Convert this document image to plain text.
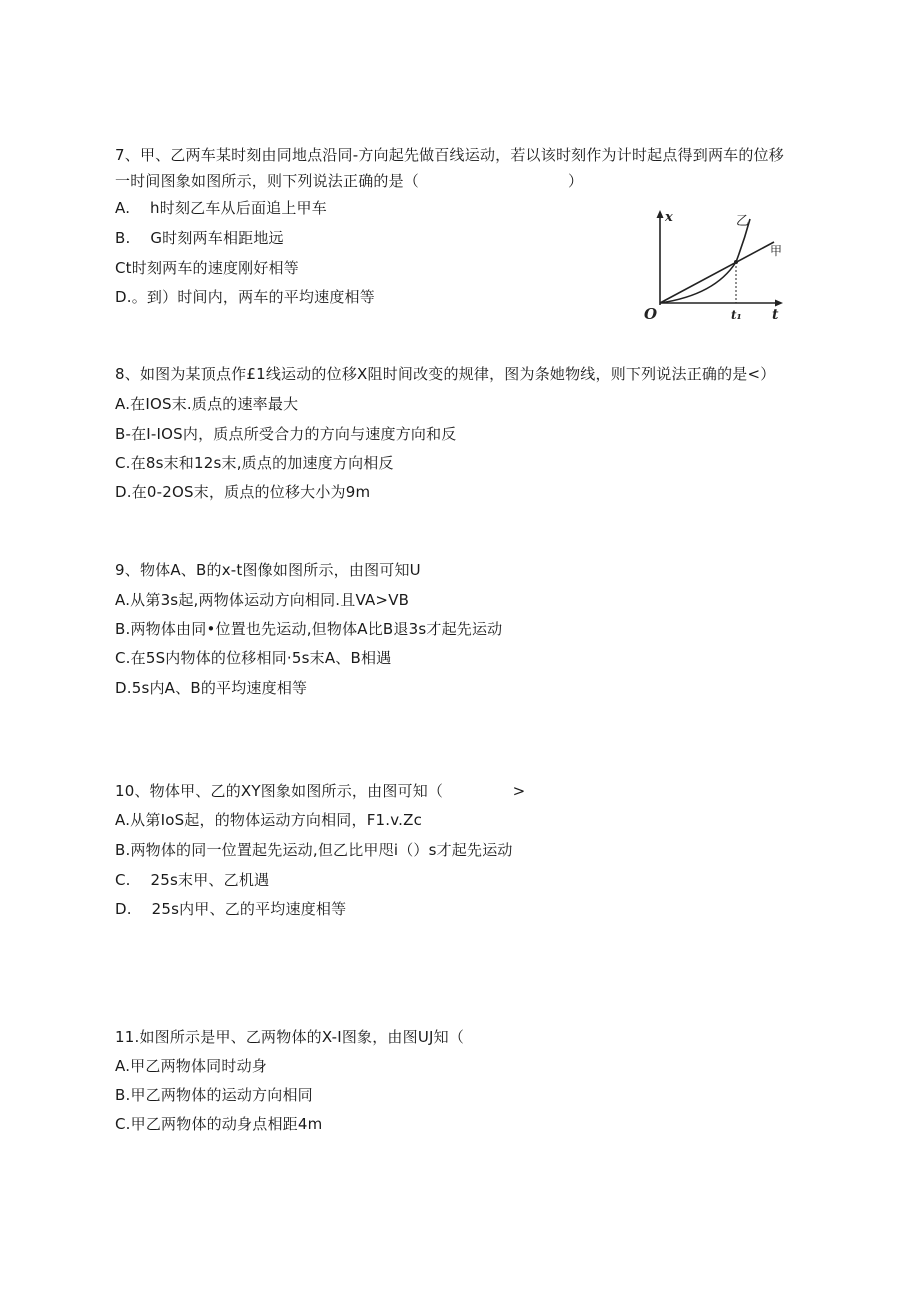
7、甲、乙两车某时刻由同地点沿同-方向起先做百线运动，若以该时刻作为计时起点得到两车的位移
一时间图象如图所示，则下列说法正确的是（                              ）
A.    h时刻乙车从后面追上甲车
B.    G时刻两车相距地远
Ct时刻两车的速度刚好相等
D.。到）时间内，两车的平均速度相等
x
t
O	t₁
乙
甲
8、如图为某顶点作£1线运动的位移X阻时间改变的规律，图为条她物线，则下列说法正确的是<）
A.在IOS末.质点的速率最大
B-在I-IOS内，质点所受合力的方向与速度方向和反
C.在8s末和12s末,质点的加速度方向相反
D.在0-2OS末，质点的位移大小为9m
9、物体A、B的x-t图像如图所示，由图可知U
A.从第3s起,两物体运动方向相同.且VA>VB
B.两物体由同•位置也先运动,但物体A比B退3s才起先运动
C.在5S内物体的位移相同·5s末A、B相遇
D.5s内A、B的平均速度相等
10、物体甲、乙的XY图象如图所示，由图可知（              >
A.从第IoS起，的物体运动方向相同，F1.v.Zc
B.两物体的同一位置起先运动,但乙比甲咫i（）s才起先运动
C.    25s末甲、乙机遇
D.    25s内甲、乙的平均速度相等
11.如图所示是甲、乙两物体的X-I图象，由图UJ知（
A.甲乙两物体同时动身
B.甲乙两物体的运动方向相同
C.甲乙两物体的动身点相距4m
